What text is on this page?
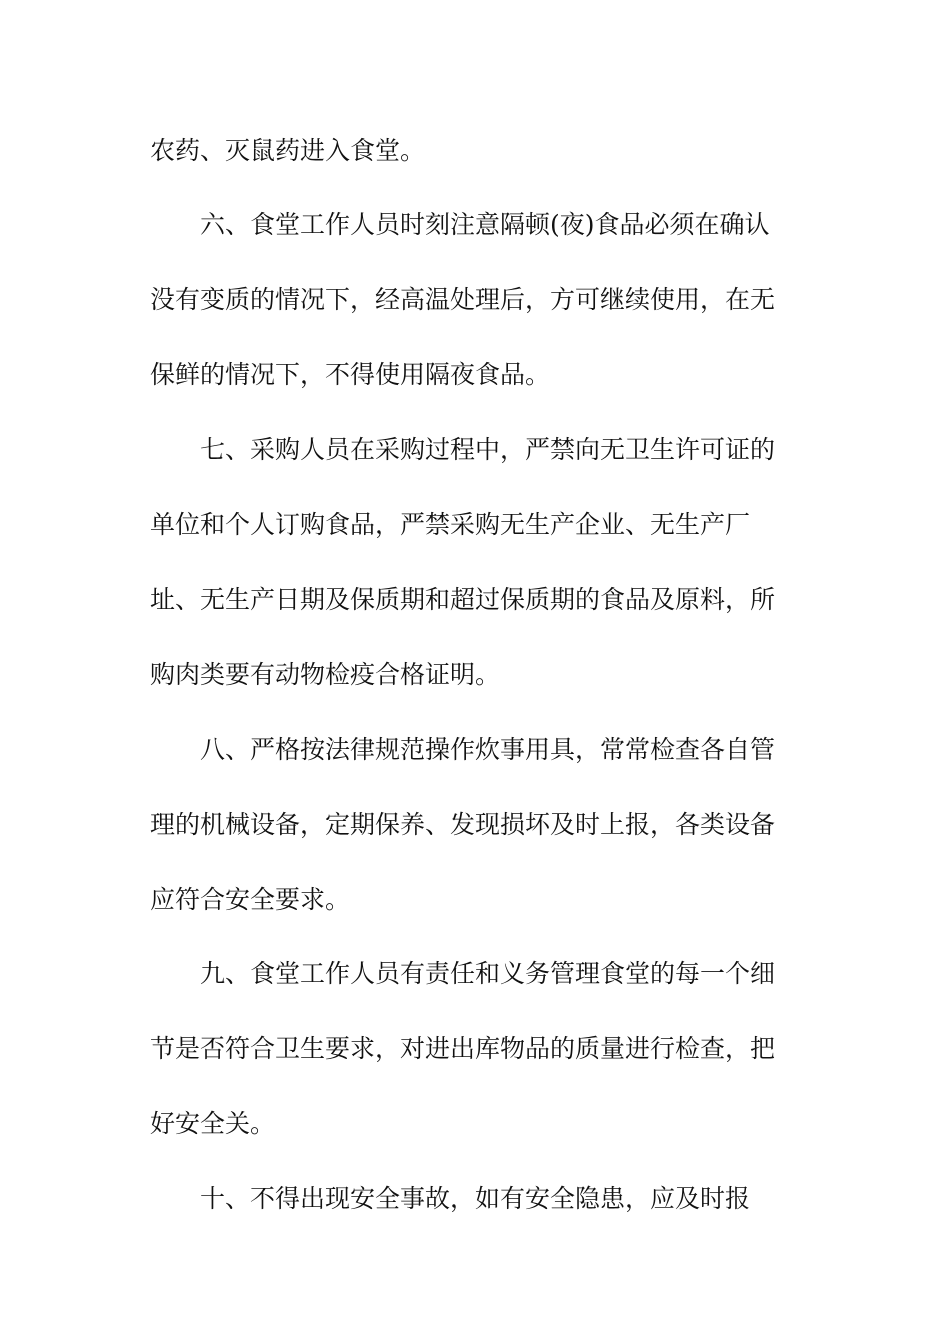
农药、灭鼠药进入食堂。
六、食堂工作人员时刻注意隔顿(夜)食品必须在确认
没有变质的情况下，经高温处理后，方可继续使用，在无
保鲜的情况下，不得使用隔夜食品。
七、采购人员在采购过程中，严禁向无卫生许可证的
单位和个人订购食品，严禁采购无生产企业、无生产厂
址、无生产日期及保质期和超过保质期的食品及原料，所
购肉类要有动物检疫合格证明。
八、严格按法律规范操作炊事用具，常常检查各自管
理的机械设备，定期保养、发现损坏及时上报，各类设备
应符合安全要求。
九、食堂工作人员有责任和义务管理食堂的每一个细
节是否符合卫生要求，对进出库物品的质量进行检查，把
好安全关。
十、不得出现安全事故，如有安全隐患，应及时报
